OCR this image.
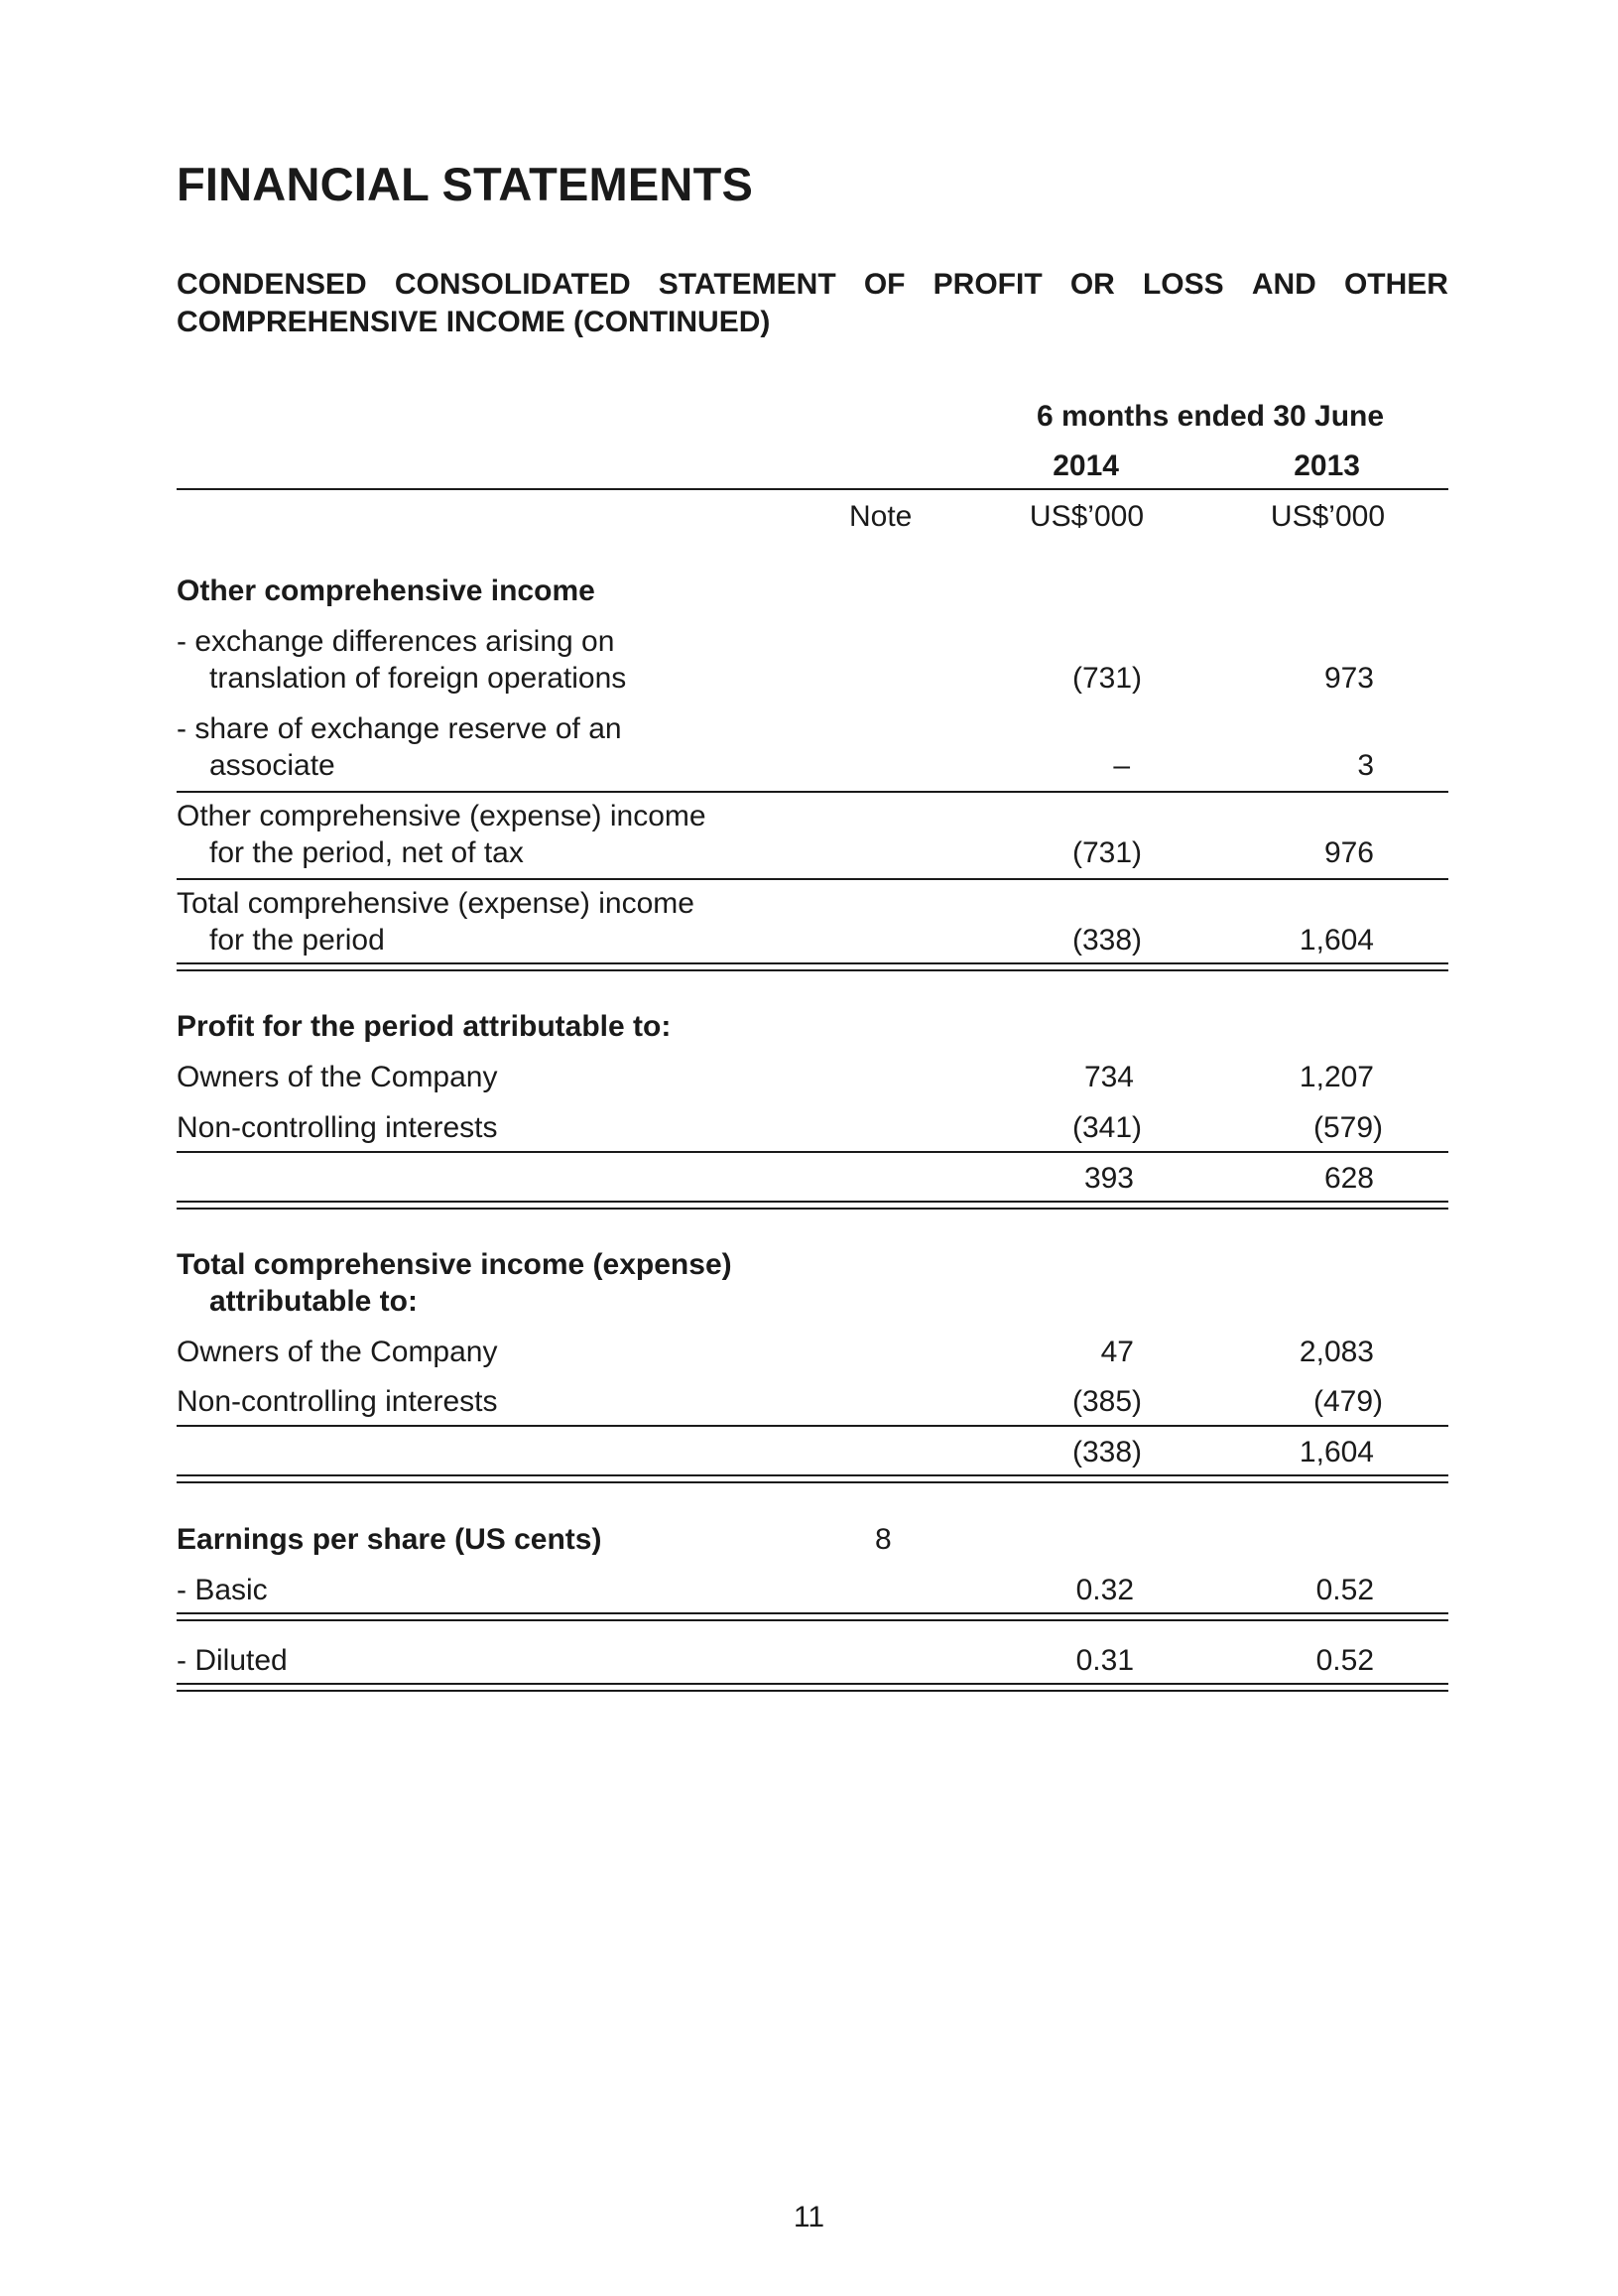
FINANCIAL STATEMENTS
CONDENSED CONSOLIDATED STATEMENT OF PROFIT OR LOSS AND OTHER
COMPREHENSIVE INCOME (CONTINUED)
6 months ended 30 June
2014	2013
Note	US$’000	US$’000
Other comprehensive income
- exchange differences arising on
translation of foreign operations	(731)	973
- share of exchange reserve of an
associate	–	3
Other comprehensive (expense) income
for the period, net of tax	(731)	976
Total comprehensive (expense) income
for the period	(338)	1,604
Profit for the period attributable to:
Owners of the Company	734	1,207
Non-controlling interests	(341)	(579)
393	628
Total comprehensive income (expense)
attributable to:
Owners of the Company	47	2,083
Non-controlling interests	(385)	(479)
(338)	1,604
Earnings per share (US cents)	8
- Basic	0.32	0.52
- Diluted	0.31	0.52
11
